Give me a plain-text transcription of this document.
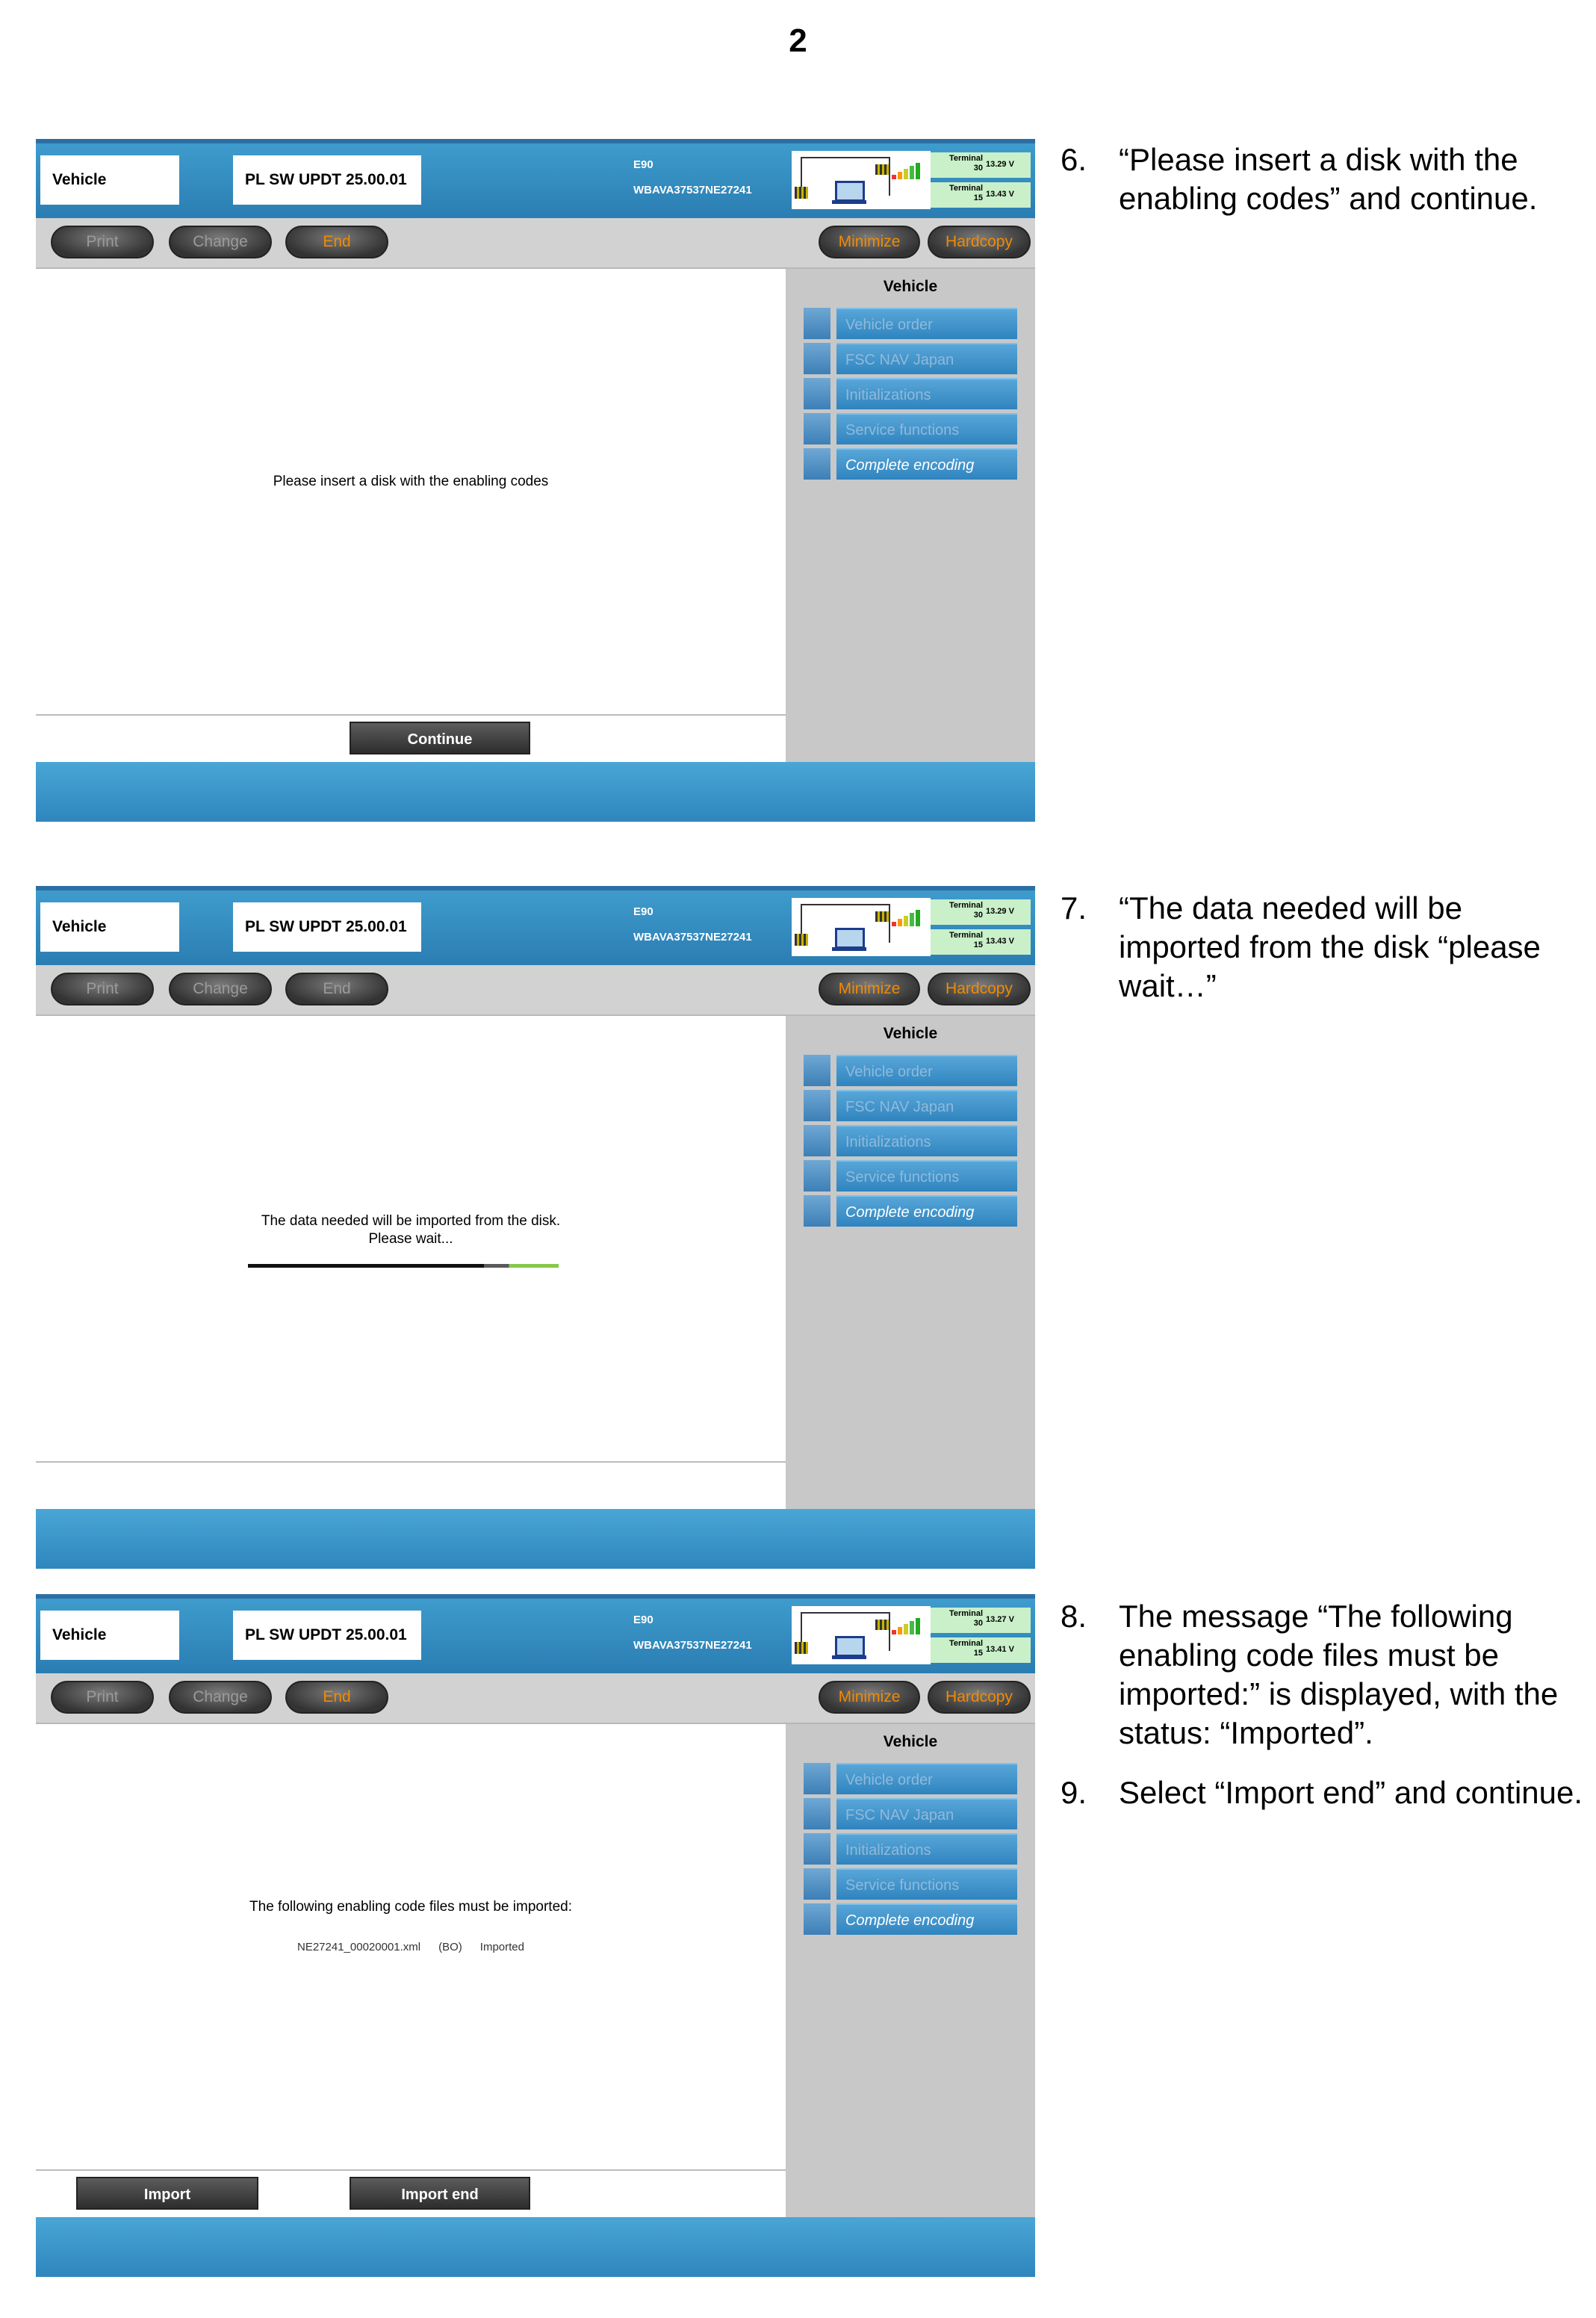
2
Vehicle	PL SW UPDT 25.00.01
E90
WBAVA37537NE27241
Terminal
30 13.29 V
Terminal
15 13.43 V
Print	Change	End	Minimize	Hardcopy
Please insert a disk with the enabling codes
Vehicle
Vehicle order
FSC NAV Japan
Initializations
Service functions
Complete encoding
Continue
6. “Please insert a disk with the enabling codes” and continue.
Vehicle	PL SW UPDT 25.00.01
E90
WBAVA37537NE27241
Terminal
30 13.29 V
Terminal
15 13.43 V
Print	Change	End	Minimize	Hardcopy
The data needed will be imported from the disk.
Please wait...
Vehicle
Vehicle order
FSC NAV Japan
Initializations
Service functions
Complete encoding
7. “The data needed will be imported from the disk “please wait…”
Vehicle	PL SW UPDT 25.00.01
E90
WBAVA37537NE27241
Terminal
30 13.27 V
Terminal
15 13.41 V
Print	Change	End	Minimize	Hardcopy
The following enabling code files must be imported:
NE27241_00020001.xml (BO) Imported
Vehicle
Vehicle order
FSC NAV Japan
Initializations
Service functions
Complete encoding
Import	Import end
8. The message “The following enabling code files must be imported:” is displayed, with the status: “Imported”.
9. Select “Import end” and continue.
